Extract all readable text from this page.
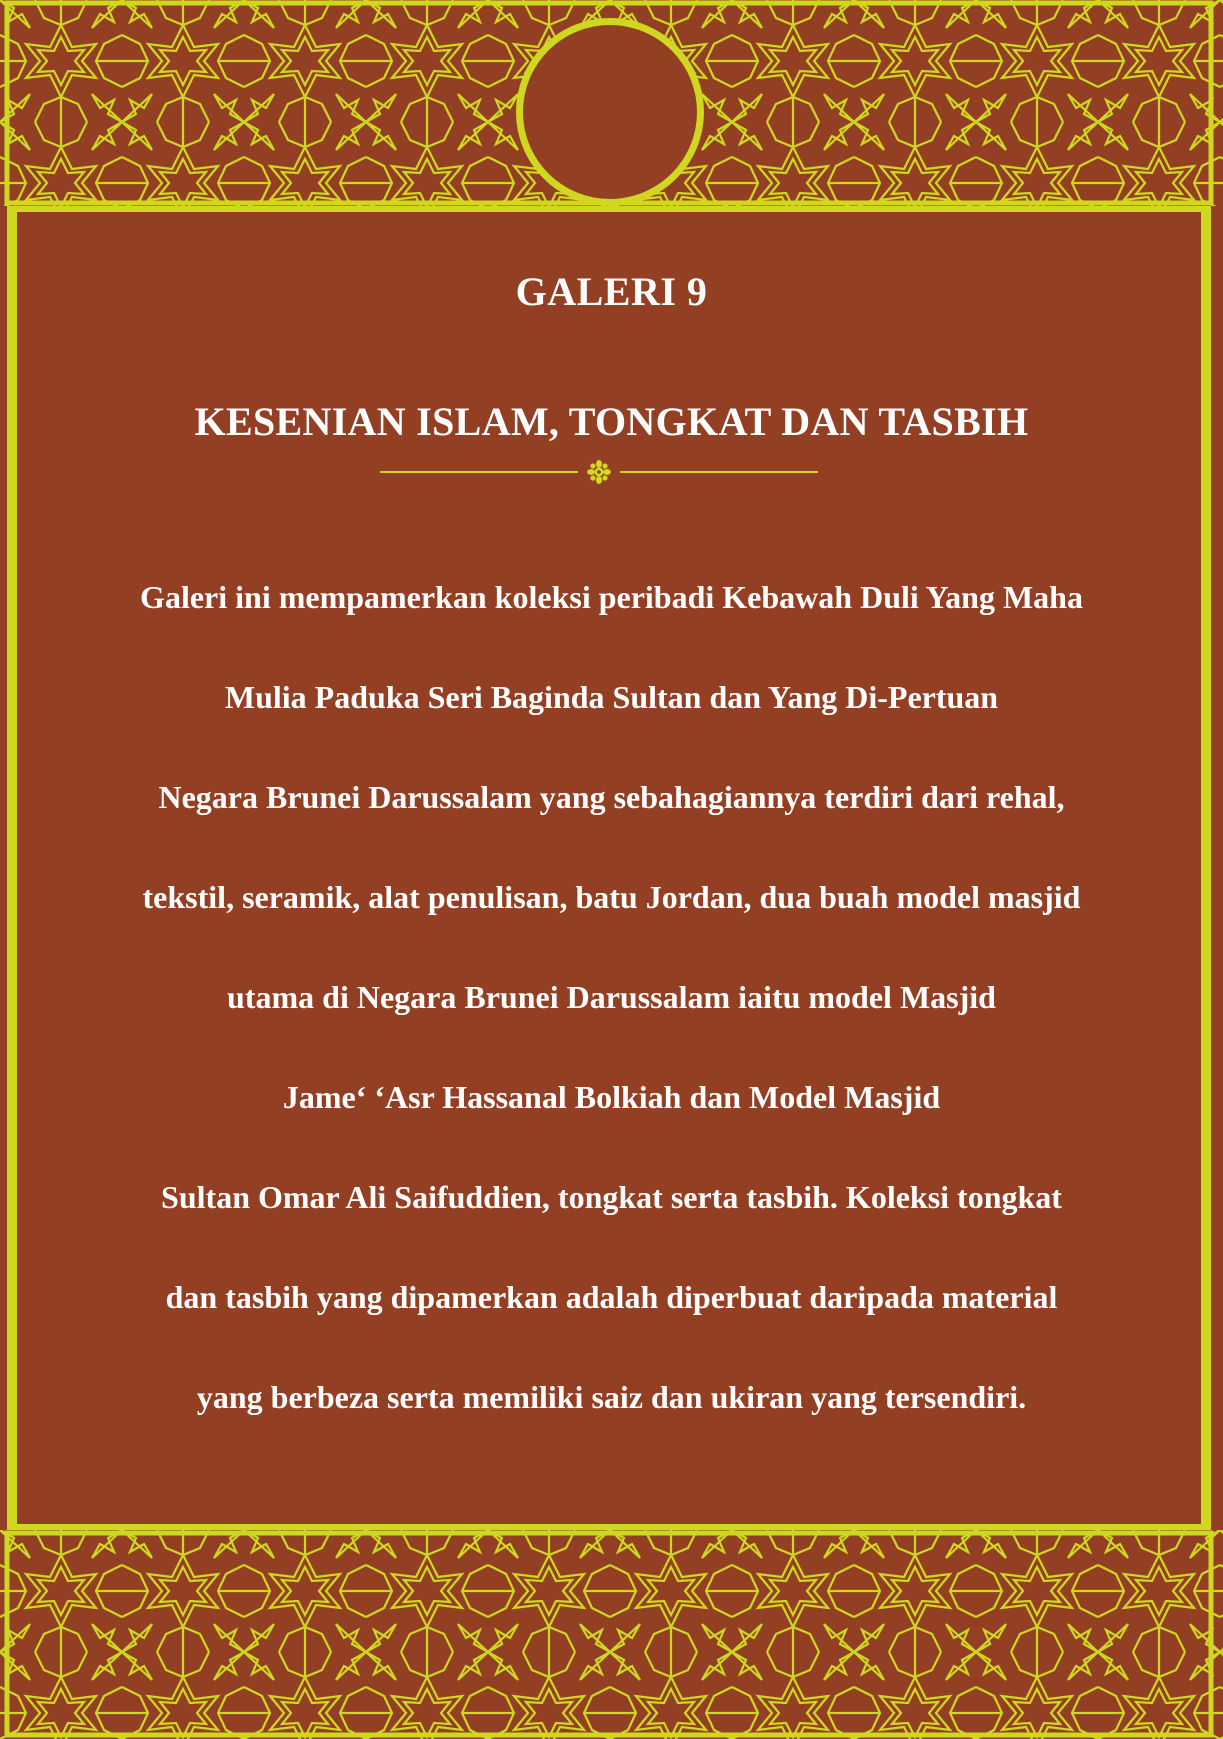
GALERI 9
KESENIAN ISLAM, TONGKAT DAN TASBIH
Galeri ini mempamerkan koleksi peribadi Kebawah Duli Yang Maha
Mulia Paduka Seri Baginda Sultan dan Yang Di-Pertuan
Negara Brunei Darussalam yang sebahagiannya terdiri dari rehal,
tekstil, seramik, alat penulisan, batu Jordan, dua buah model masjid
utama di Negara Brunei Darussalam iaitu model Masjid
Jame‘ ‘Asr Hassanal Bolkiah dan Model Masjid
Sultan Omar Ali Saifuddien, tongkat serta tasbih. Koleksi tongkat
dan tasbih yang dipamerkan adalah diperbuat daripada material
yang berbeza serta memiliki saiz dan ukiran yang tersendiri.
